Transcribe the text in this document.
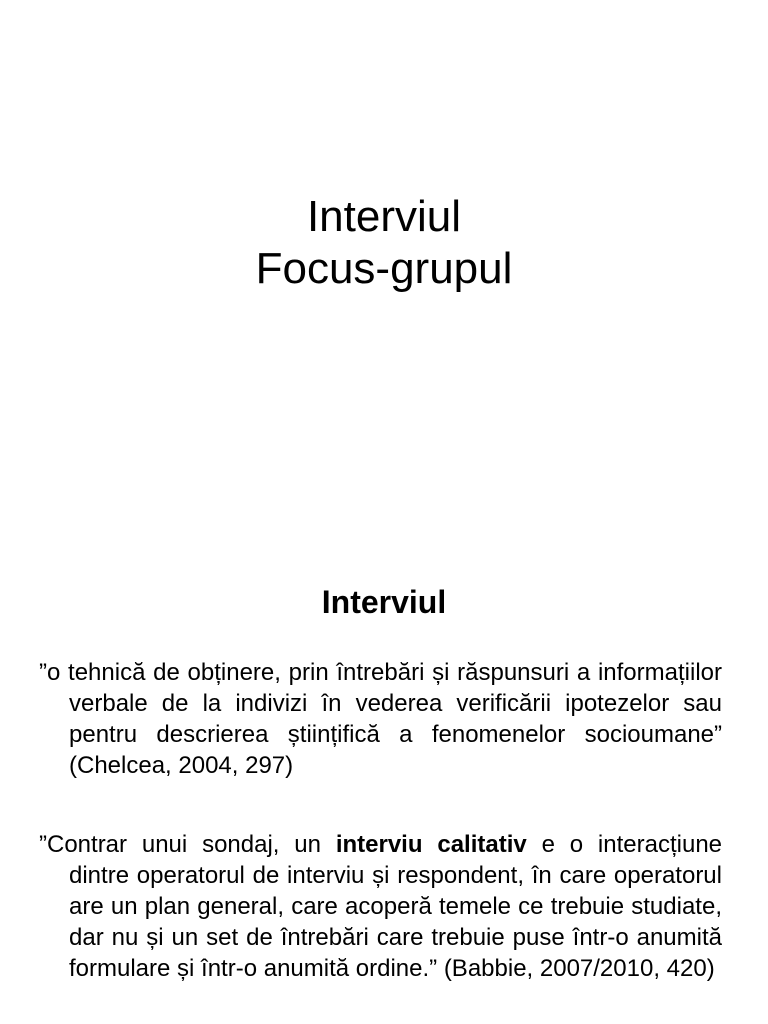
Interviul
Focus-grupul
Interviul

”o tehnică de obținere, prin întrebări și răspunsuri a informațiilor verbale de la indivizi în vederea verificării ipotezelor sau pentru descrierea științifică a fenomenelor socioumane” (Chelcea, 2004, 297)

”Contrar unui sondaj, un interviu calitativ e o interacțiune dintre operatorul de interviu și respondent, în care operatorul are un plan general, care acoperă temele ce trebuie studiate, dar nu și un set de întrebări care trebuie puse într-o anumită formulare și într-o anumită ordine.” (Babbie, 2007/2010, 420)
